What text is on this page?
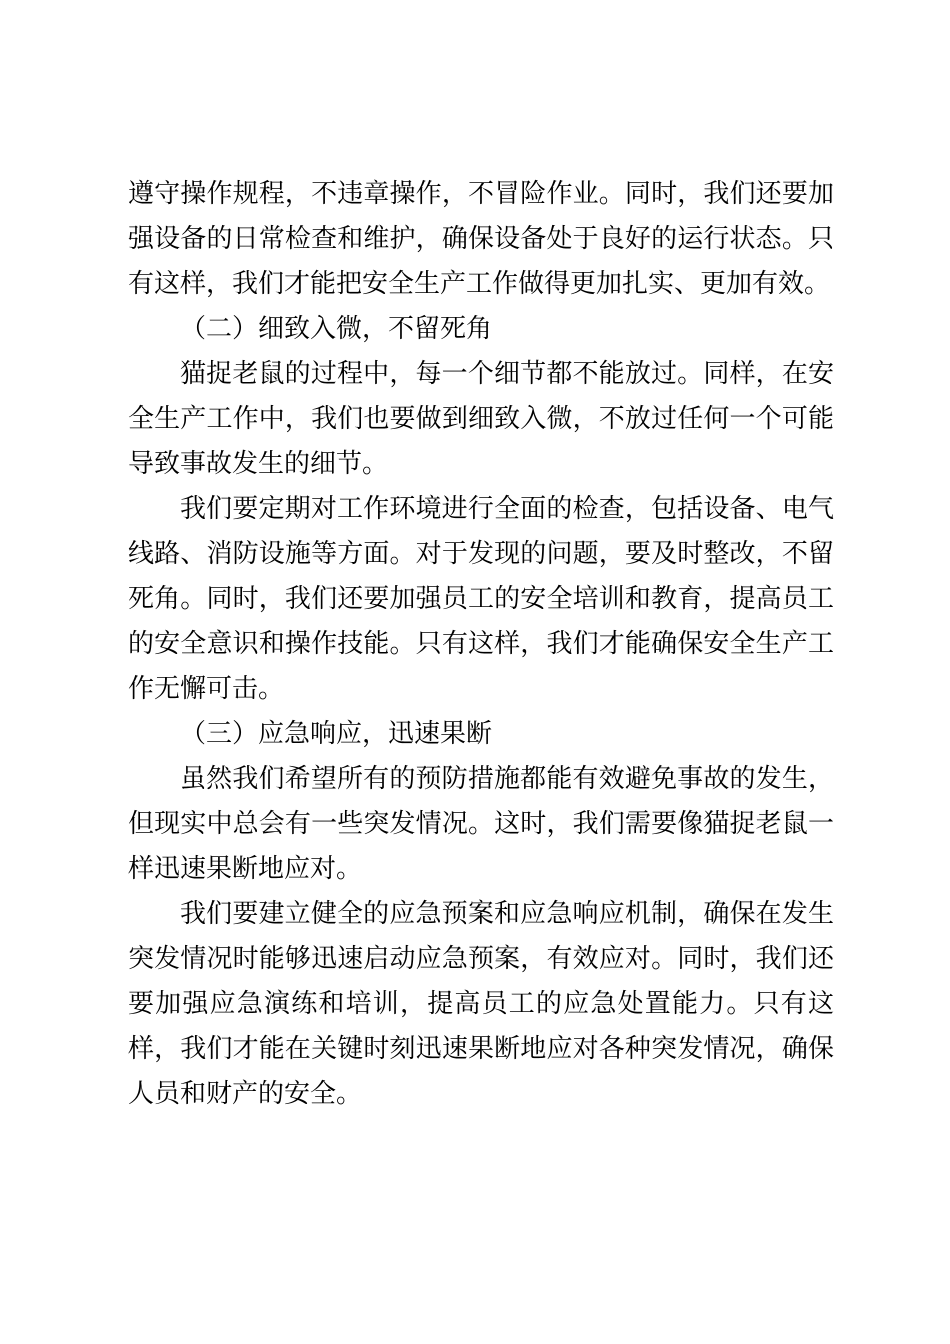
遵守操作规程，不违章操作，不冒险作业。同时，我们还要加强设备的日常检查和维护，确保设备处于良好的运行状态。只有这样，我们才能把安全生产工作做得更加扎实、更加有效。

（二）细致入微，不留死角

猫捉老鼠的过程中，每一个细节都不能放过。同样，在安全生产工作中，我们也要做到细致入微，不放过任何一个可能导致事故发生的细节。

我们要定期对工作环境进行全面的检查，包括设备、电气线路、消防设施等方面。对于发现的问题，要及时整改，不留死角。同时，我们还要加强员工的安全培训和教育，提高员工的安全意识和操作技能。只有这样，我们才能确保安全生产工作无懈可击。

（三）应急响应，迅速果断

虽然我们希望所有的预防措施都能有效避免事故的发生，但现实中总会有一些突发情况。这时，我们需要像猫捉老鼠一样迅速果断地应对。

我们要建立健全的应急预案和应急响应机制，确保在发生突发情况时能够迅速启动应急预案，有效应对。同时，我们还要加强应急演练和培训，提高员工的应急处置能力。只有这样，我们才能在关键时刻迅速果断地应对各种突发情况，确保人员和财产的安全。
